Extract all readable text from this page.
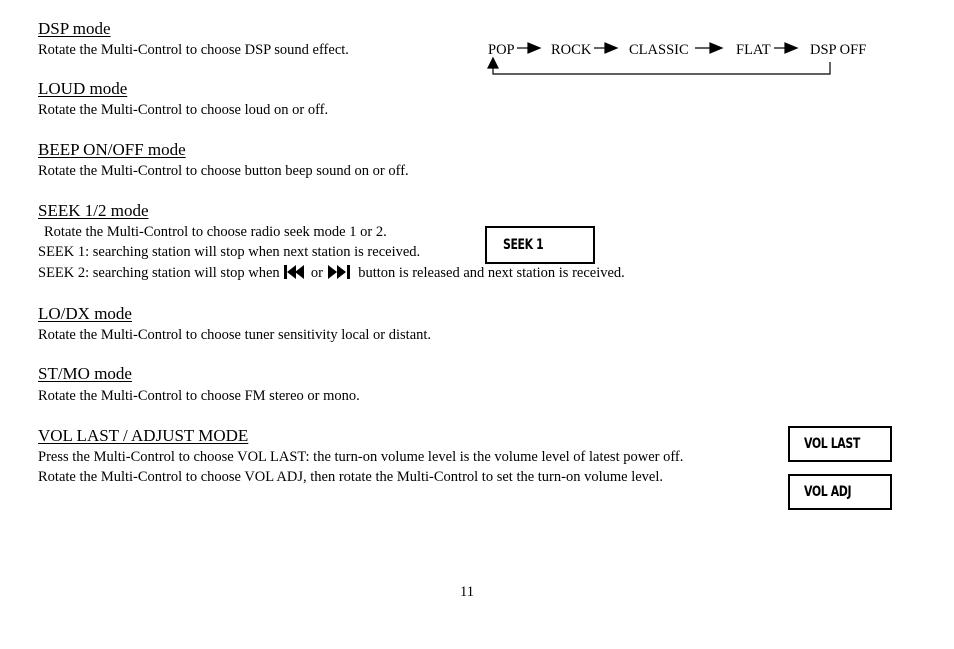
DSP mode
Rotate the Multi-Control to choose DSP sound effect.	POP	ROCK	CLASSIC	FLAT	DSP OFF
LOUD mode
Rotate the Multi-Control to choose loud on or off.
BEEP ON/OFF mode
Rotate the Multi-Control to choose button beep sound on or off.
SEEK 1/2 mode
Rotate the Multi-Control to choose radio seek mode 1 or 2.
SEEK 1: searching station will stop when next station is received.
SEEK 2: searching station will stop when or button is released and next station is received.
SEEK 1
LO/DX mode
Rotate the Multi-Control to choose tuner sensitivity local or distant.
ST/MO mode
Rotate the Multi-Control to choose FM stereo or mono.
VOL LAST / ADJUST MODE
Press the Multi-Control to choose VOL LAST: the turn-on volume level is the volume level of latest power off.
Rotate the Multi-Control to choose VOL ADJ, then rotate the Multi-Control to set the turn-on volume level.
VOL LAST
VOL ADJ
11
